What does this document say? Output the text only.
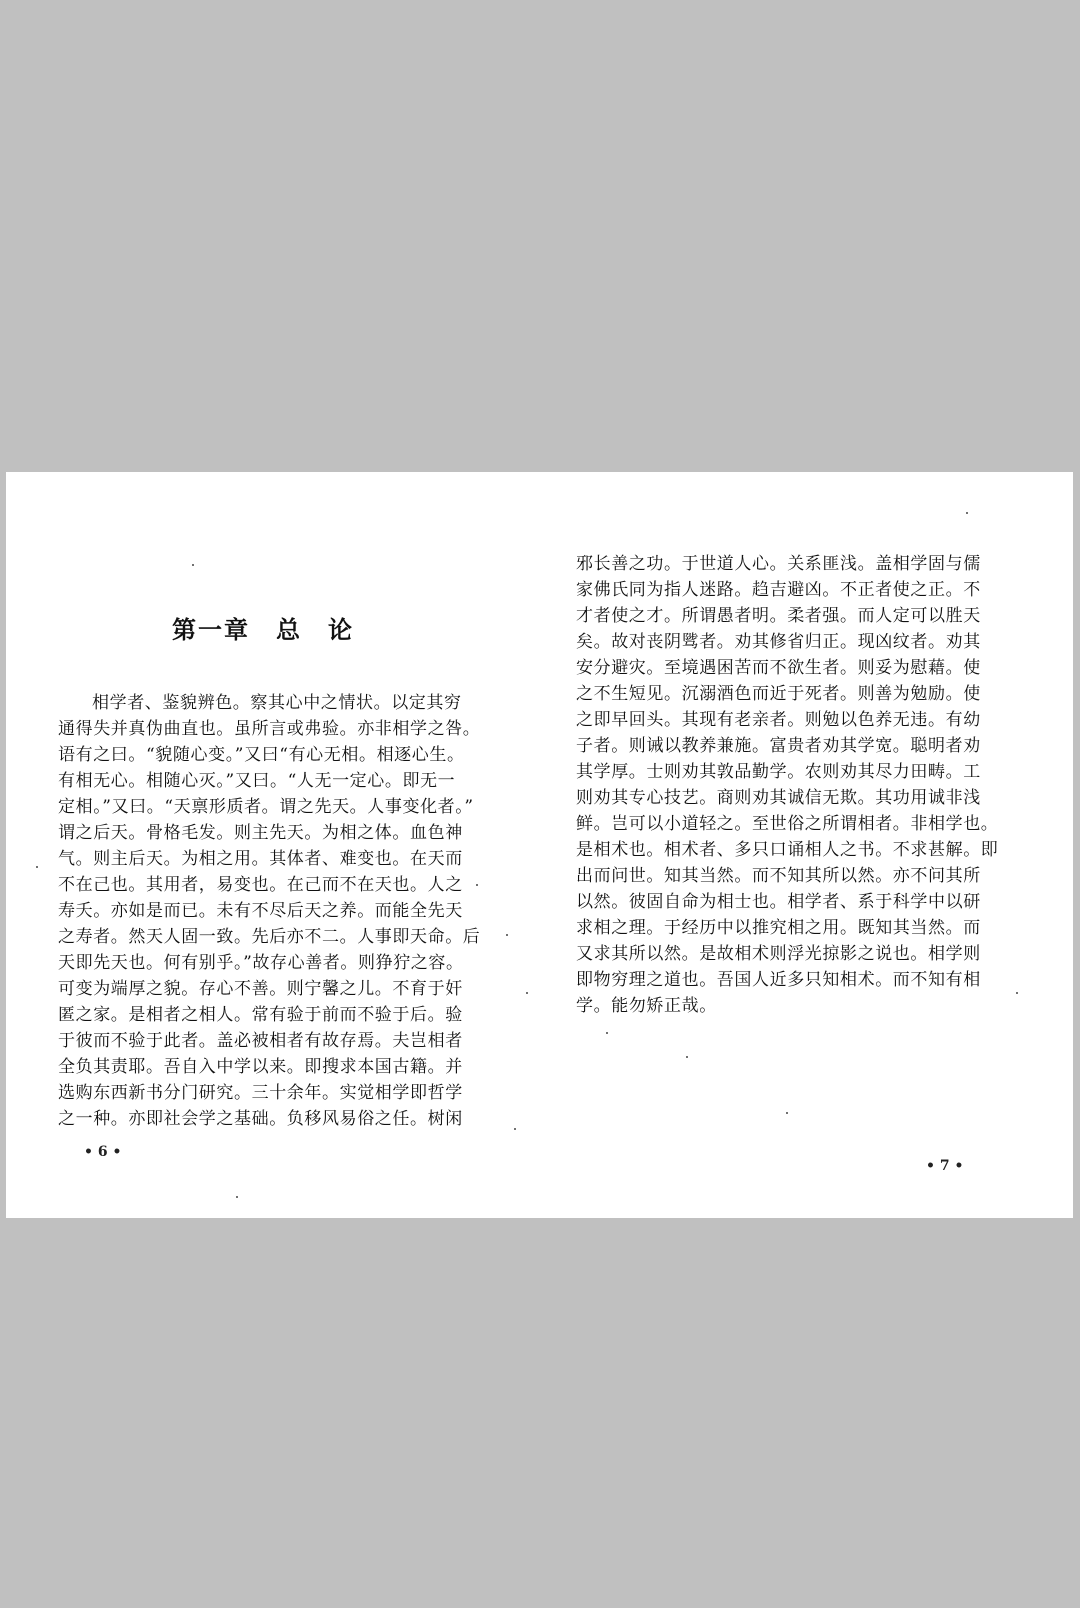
第一章　总　论
相学者、鉴貌辨色。察其心中之情状。以定其穷
通得失并真伪曲直也。虽所言或弗验。亦非相学之咎。
语有之曰。“貌随心变。”又曰“有心无相。相逐心生。
有相无心。相随心灭。”又曰。“人无一定心。即无一
定相。”又曰。“天禀形质者。谓之先天。人事变化者。”
谓之后天。骨格毛发。则主先天。为相之体。血色神
气。则主后天。为相之用。其体者、难变也。在天而
不在己也。其用者，易变也。在己而不在天也。人之
寿夭。亦如是而已。未有不尽后天之养。而能全先天
之寿者。然天人固一致。先后亦不二。人事即天命。后
天即先天也。何有别乎。”故存心善者。则狰狞之容。
可变为端厚之貌。存心不善。则宁馨之儿。不育于奸
匿之家。是相者之相人。常有验于前而不验于后。验
于彼而不验于此者。盖必被相者有故存焉。夫岂相者
全负其责耶。吾自入中学以来。即搜求本国古籍。并
选购东西新书分门研究。三十余年。实觉相学即哲学
之一种。亦即社会学之基础。负移风易俗之任。树闲
• 6 •
邪长善之功。于世道人心。关系匪浅。盖相学固与儒
家佛氏同为指人迷路。趋吉避凶。不正者使之正。不
才者使之才。所谓愚者明。柔者强。而人定可以胜天
矣。故对丧阴骘者。劝其修省归正。现凶纹者。劝其
安分避灾。至境遇困苦而不欲生者。则妥为慰藉。使
之不生短见。沉溺酒色而近于死者。则善为勉励。使
之即早回头。其现有老亲者。则勉以色养无违。有幼
子者。则诫以教养兼施。富贵者劝其学宽。聪明者劝
其学厚。士则劝其敦品勤学。农则劝其尽力田畴。工
则劝其专心技艺。商则劝其诚信无欺。其功用诚非浅
鲜。岂可以小道轻之。至世俗之所谓相者。非相学也。
是相术也。相术者、多只口诵相人之书。不求甚解。即
出而问世。知其当然。而不知其所以然。亦不问其所
以然。彼固自命为相士也。相学者、系于科学中以研
求相之理。于经历中以推究相之用。既知其当然。而
又求其所以然。是故相术则浮光掠影之说也。相学则
即物穷理之道也。吾国人近多只知相术。而不知有相
学。能勿矫正哉。
• 7 •
